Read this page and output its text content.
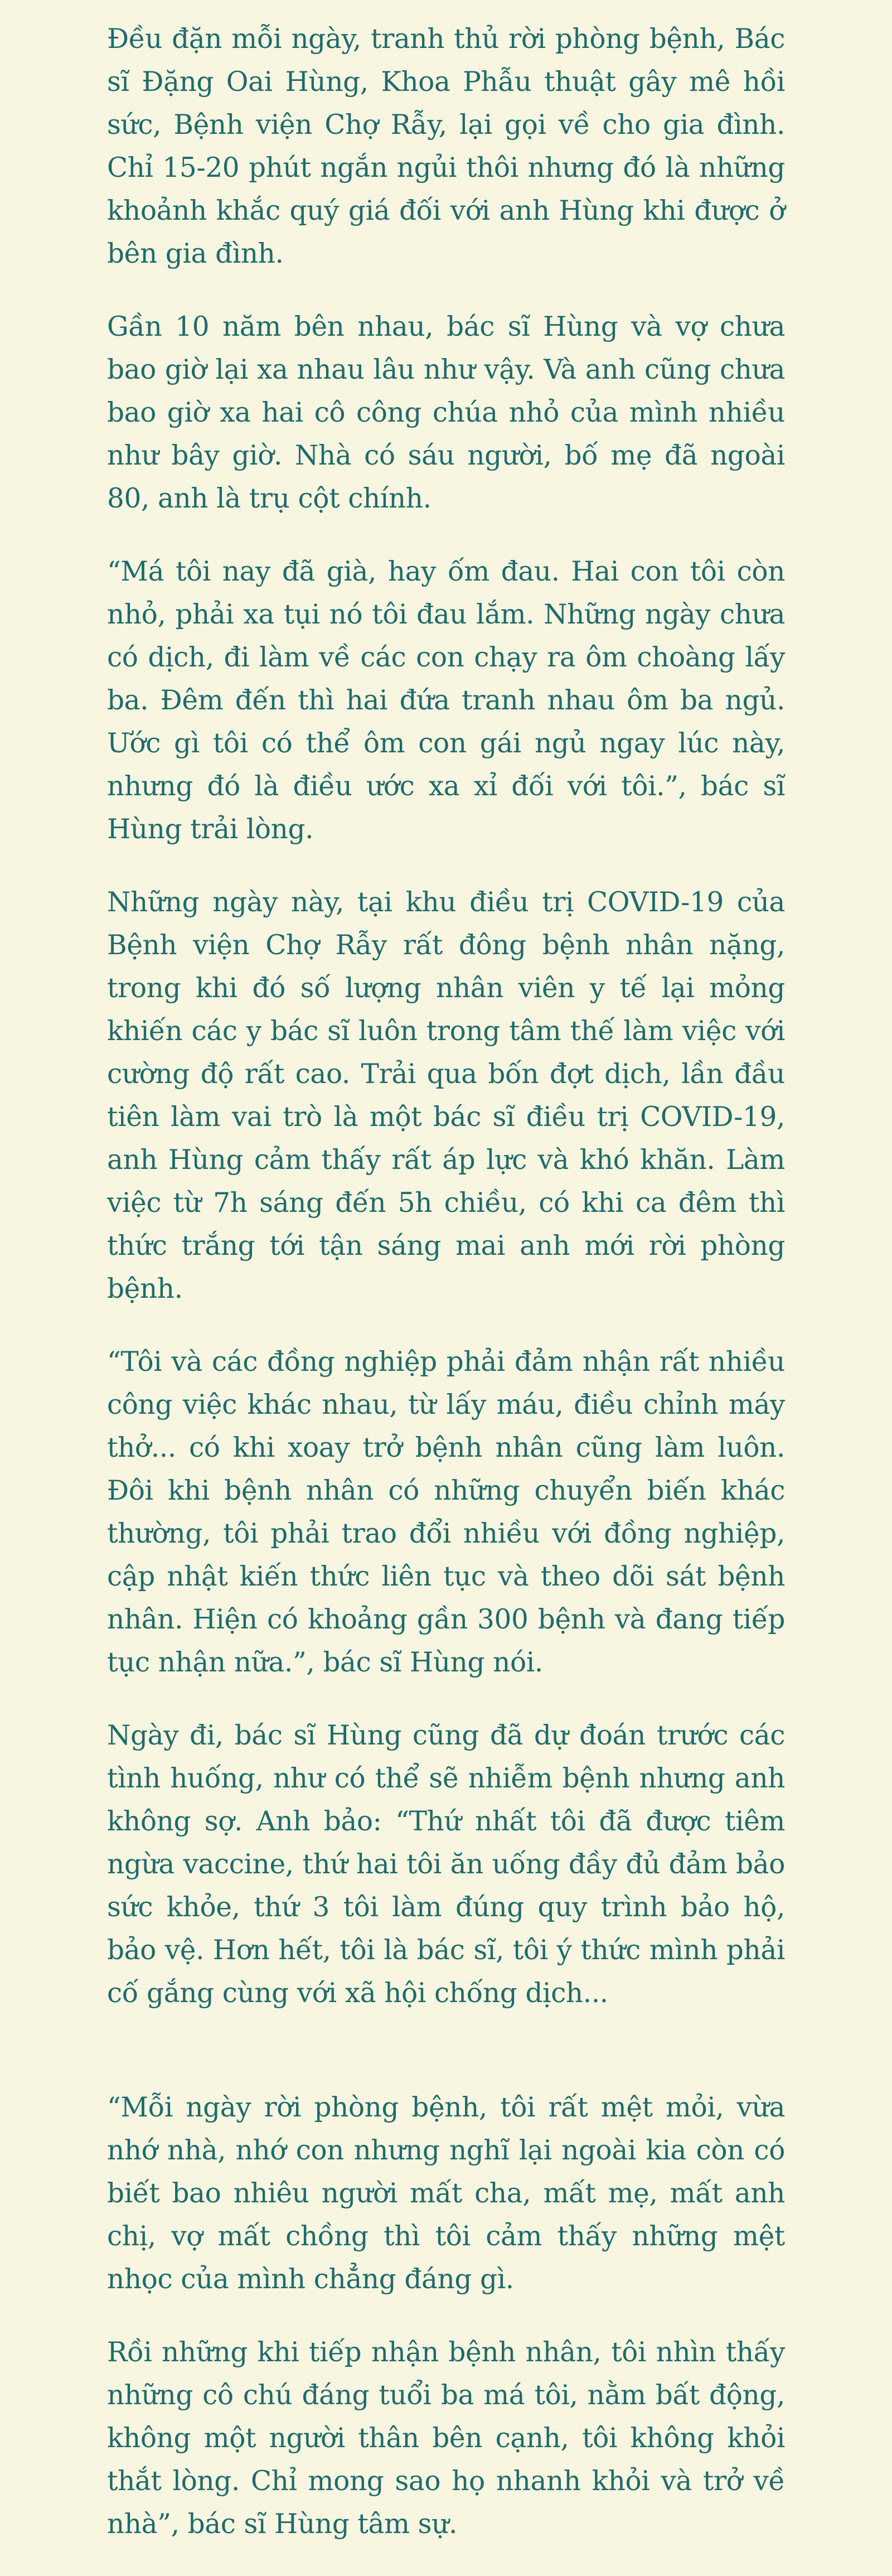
Đều đặn mỗi ngày, tranh thủ rời phòng bệnh, Bác sĩ Đặng Oai Hùng, Khoa Phẫu thuật gây mê hồi sức, Bệnh viện Chợ Rẫy, lại gọi về cho gia đình. Chỉ 15-20 phút ngắn ngủi thôi nhưng đó là những khoảnh khắc quý giá đối với anh Hùng khi được ở bên gia đình.

Gần 10 năm bên nhau, bác sĩ Hùng và vợ chưa bao giờ lại xa nhau lâu như vậy. Và anh cũng chưa bao giờ xa hai cô công chúa nhỏ của mình nhiều như bây giờ. Nhà có sáu người, bố mẹ đã ngoài 80, anh là trụ cột chính.

“Má tôi nay đã già, hay ốm đau. Hai con tôi còn nhỏ, phải xa tụi nó tôi đau lắm. Những ngày chưa có dịch, đi làm về các con chạy ra ôm choàng lấy ba. Đêm đến thì hai đứa tranh nhau ôm ba ngủ. Ước gì tôi có thể ôm con gái ngủ ngay lúc này, nhưng đó là điều ước xa xỉ đối với tôi.”, bác sĩ Hùng trải lòng.

Những ngày này, tại khu điều trị COVID-19 của Bệnh viện Chợ Rẫy rất đông bệnh nhân nặng, trong khi đó số lượng nhân viên y tế lại mỏng khiến các y bác sĩ luôn trong tâm thế làm việc với cường độ rất cao. Trải qua bốn đợt dịch, lần đầu tiên làm vai trò là một bác sĩ điều trị COVID-19, anh Hùng cảm thấy rất áp lực và khó khăn. Làm việc từ 7h sáng đến 5h chiều, có khi ca đêm thì thức trắng tới tận sáng mai anh mới rời phòng bệnh.

“Tôi và các đồng nghiệp phải đảm nhận rất nhiều công việc khác nhau, từ lấy máu, điều chỉnh máy thở... có khi xoay trở bệnh nhân cũng làm luôn. Đôi khi bệnh nhân có những chuyển biến khác thường, tôi phải trao đổi nhiều với đồng nghiệp, cập nhật kiến thức liên tục và theo dõi sát bệnh nhân. Hiện có khoảng gần 300 bệnh và đang tiếp tục nhận nữa.”, bác sĩ Hùng nói.

Ngày đi, bác sĩ Hùng cũng đã dự đoán trước các tình huống, như có thể sẽ nhiễm bệnh nhưng anh không sợ. Anh bảo: “Thứ nhất tôi đã được tiêm ngừa vaccine, thứ hai tôi ăn uống đầy đủ đảm bảo sức khỏe, thứ 3 tôi làm đúng quy trình bảo hộ, bảo vệ. Hơn hết, tôi là bác sĩ, tôi ý thức mình phải cố gắng cùng với xã hội chống dịch...

“Mỗi ngày rời phòng bệnh, tôi rất mệt mỏi, vừa nhớ nhà, nhớ con nhưng nghĩ lại ngoài kia còn có biết bao nhiêu người mất cha, mất mẹ, mất anh chị, vợ mất chồng thì tôi cảm thấy những mệt nhọc của mình chẳng đáng gì.

Rồi những khi tiếp nhận bệnh nhân, tôi nhìn thấy những cô chú đáng tuổi ba má tôi, nằm bất động, không một người thân bên cạnh, tôi không khỏi thắt lòng. Chỉ mong sao họ nhanh khỏi và trở về nhà”, bác sĩ Hùng tâm sự.
